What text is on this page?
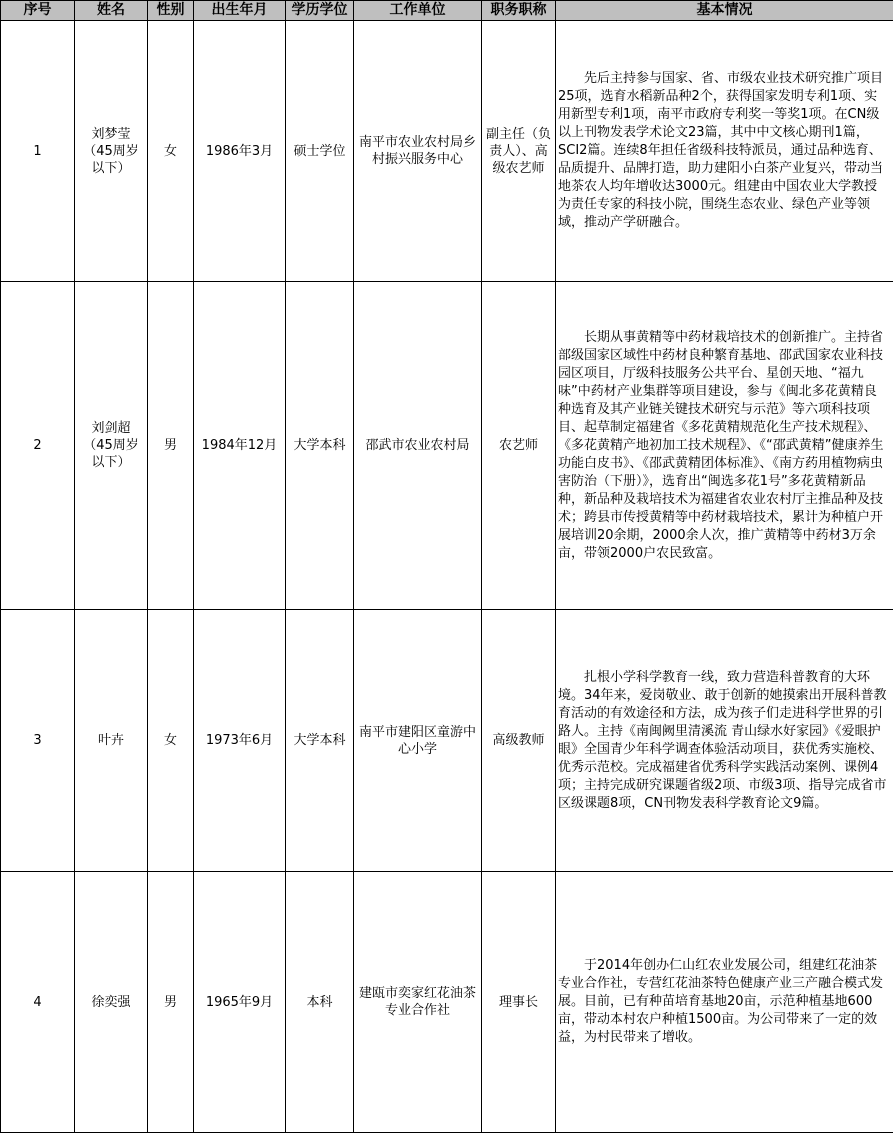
序号	姓名	性别	出生年月	学历学位	工作单位	职务职称	基本情况
1	刘梦莹（45周岁以下）	女	1986年3月	硕士学位	南平市农业农村局乡村振兴服务中心	副主任（负责人）、高级农艺师	先后主持参与国家、省、市级农业技术研究推广项目25项，选育水稻新品种2个，获得国家发明专利1项、实用新型专利1项，南平市政府专利奖一等奖1项。在CN级以上刊物发表学术论文23篇，其中中文核心期刊1篇，SCI2篇。连续8年担任省级科技特派员，通过品种选育、品质提升、品牌打造，助力建阳小白茶产业复兴，带动当地茶农人均年增收达3000元。组建由中国农业大学教授为责任专家的科技小院，围绕生态农业、绿色产业等领域，推动产学研融合。
2	刘剑超（45周岁以下）	男	1984年12月	大学本科	邵武市农业农村局	农艺师	长期从事黄精等中药材栽培技术的创新推广。主持省部级国家区域性中药材良种繁育基地、邵武国家农业科技园区项目，厅级科技服务公共平台、星创天地、“福九味”中药材产业集群等项目建设，参与《闽北多花黄精良种选育及其产业链关键技术研究与示范》等六项科技项目、起草制定福建省《多花黄精规范化生产技术规程》、《多花黄精产地初加工技术规程》、《“邵武黄精”健康养生功能白皮书》、《邵武黄精团体标准》、《南方药用植物病虫害防治（下册）》，选育出“闽选多花1号”多花黄精新品种，新品种及栽培技术为福建省农业农村厅主推品种及技术；跨县市传授黄精等中药材栽培技术，累计为种植户开展培训20余期，2000余人次，推广黄精等中药材3万余亩，带领2000户农民致富。
3	叶卉	女	1973年6月	大学本科	南平市建阳区童游中心小学	高级教师	扎根小学科学教育一线，致力营造科普教育的大环境。34年来，爱岗敬业、敢于创新的她摸索出开展科普教育活动的有效途径和方法，成为孩子们走进科学世界的引路人。主持《南闽阙里清溪流 青山绿水好家园》《爱眼护眼》全国青少年科学调查体验活动项目，获优秀实施校、优秀示范校。完成福建省优秀科学实践活动案例、课例4项；主持完成研究课题省级2项、市级3项、指导完成省市区级课题8项，CN刊物发表科学教育论文9篇。
4	徐奕强	男	1965年9月	本科	建瓯市奕家红花油茶专业合作社	理事长	于2014年创办仁山红农业发展公司，组建红花油茶专业合作社，专营红花油茶特色健康产业三产融合模式发展。目前，已有种苗培育基地20亩，示范种植基地600亩，带动本村农户种植1500亩。为公司带来了一定的效益，为村民带来了增收。
